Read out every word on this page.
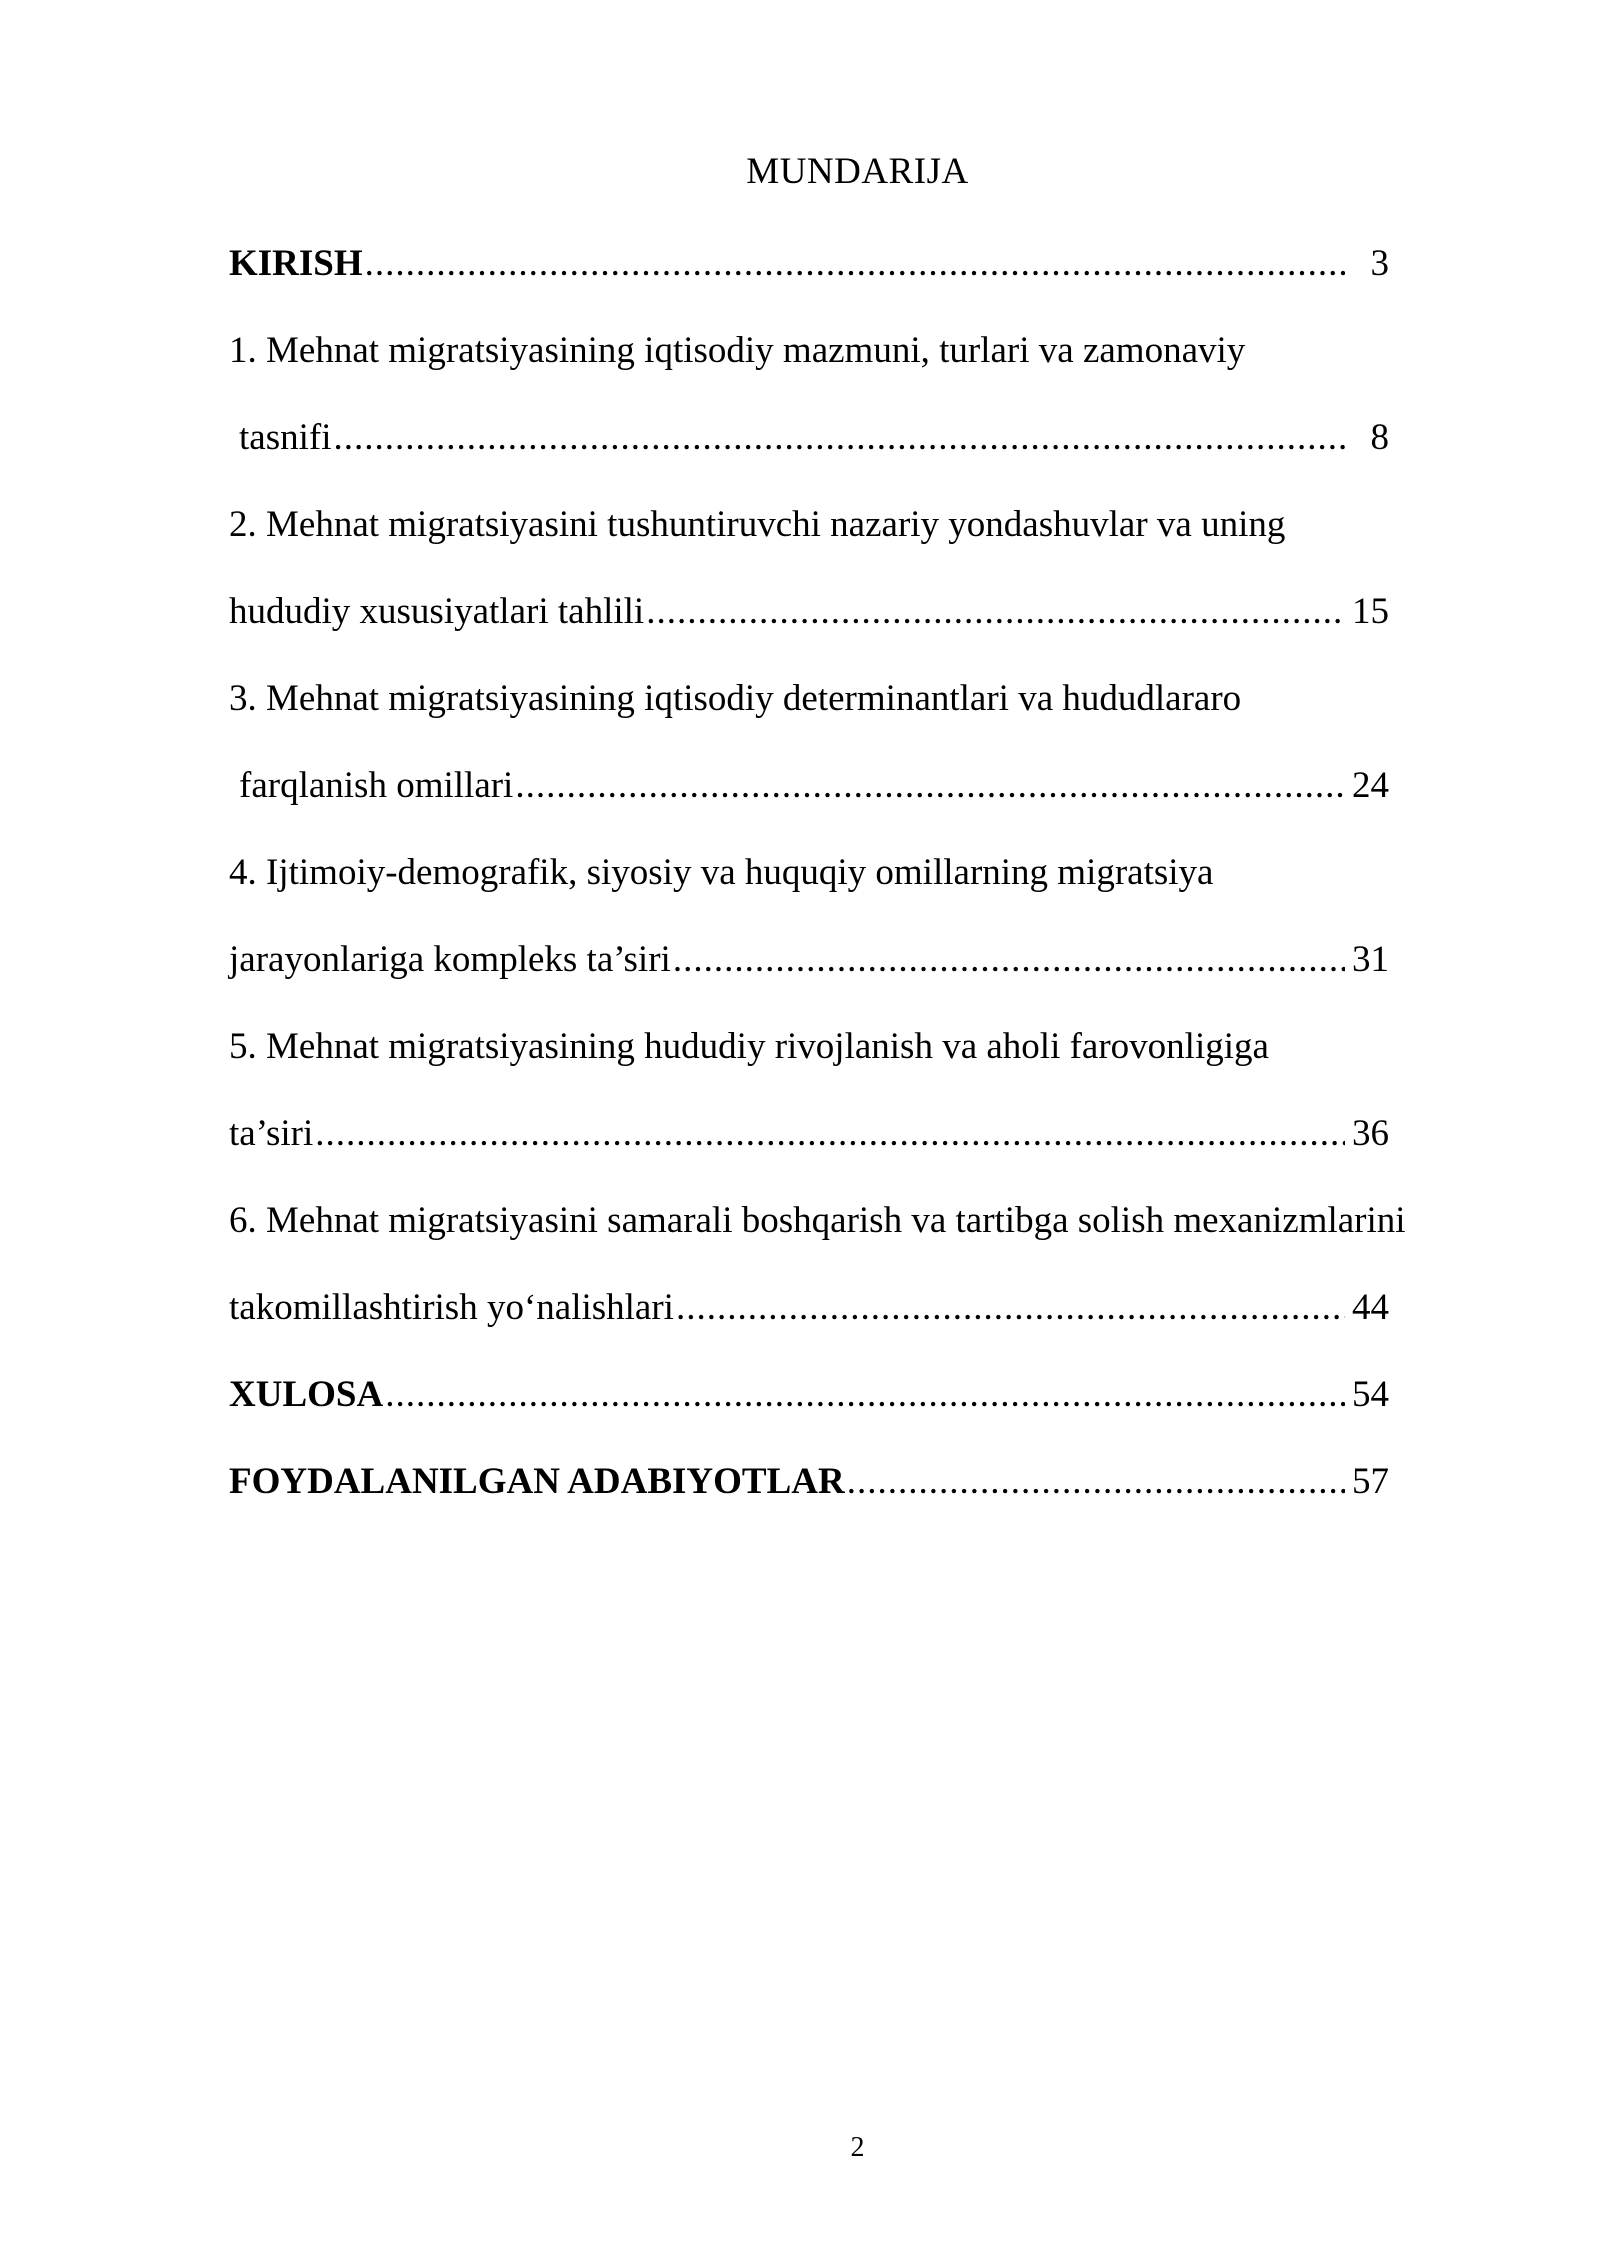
MUNDARIJA
KIRISH .....	3
1. Mehnat migratsiyasining iqtisodiy mazmuni, turlari va zamonaviy
tasnifi .....	8
2. Mehnat migratsiyasini tushuntiruvchi nazariy yondashuvlar va uning
hududiy xususiyatlari tahlili .....	15
3. Mehnat migratsiyasining iqtisodiy determinantlari va hududlararo
farqlanish omillari .....	24
4. Ijtimoiy-demografik, siyosiy va huquqiy omillarning migratsiya
jarayonlariga kompleks ta’siri .....	31
5. Mehnat migratsiyasining hududiy rivojlanish va aholi farovonligiga
ta’siri .....	36
6. Mehnat migratsiyasini samarali boshqarish va tartibga solish mexanizmlarini
takomillashtirish yo‘nalishlari .....	44
XULOSA .....	54
FOYDALANILGAN ADABIYOTLAR .....	57
2
